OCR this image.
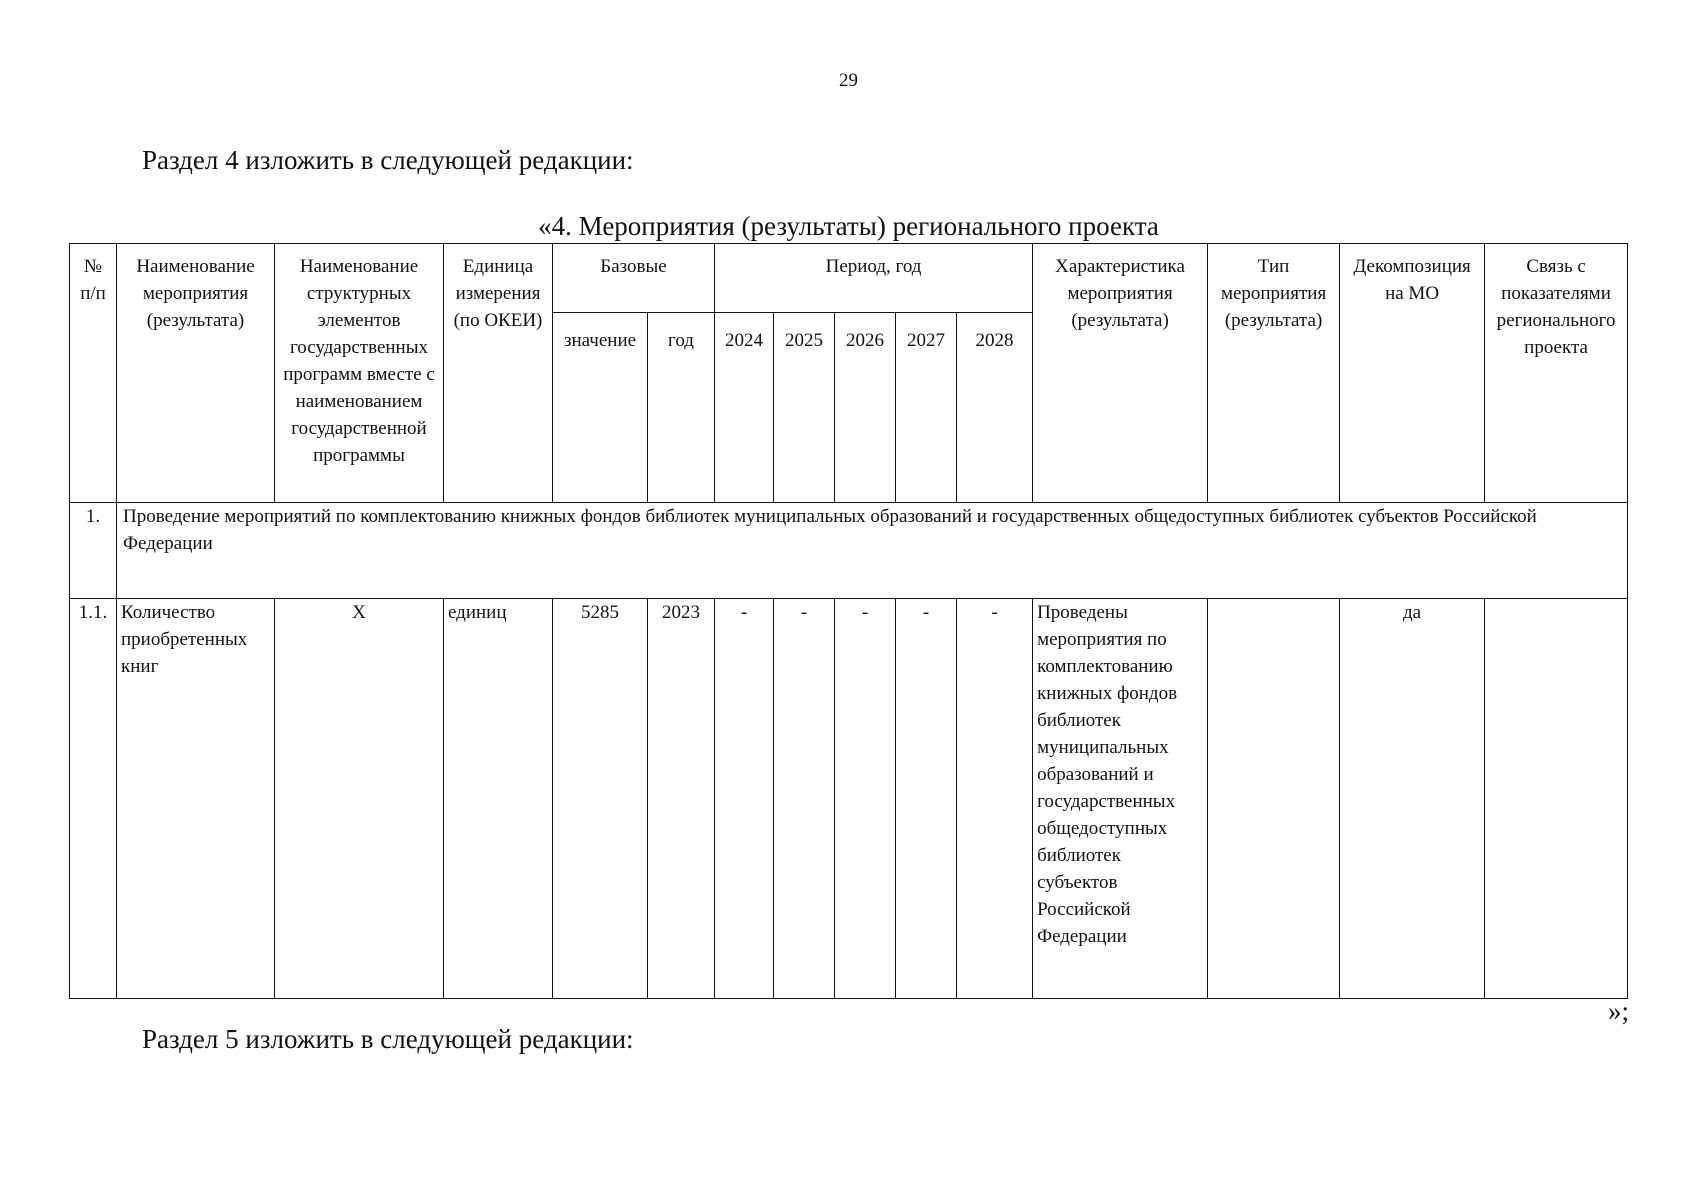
29
Раздел 4 изложить в следующей редакции:
«4. Мероприятия (результаты) регионального проекта
№ п/п	Наименование мероприятия (результата)	Наименование структурных элементов государственных программ вместе с наименованием государственной программы	Единица измерения (по ОКЕИ)	Базовые		Период, год					Характеристика мероприятия (результата)	Тип мероприятия (результата)	Декомпозиция на МО	Связь с показателями регионального проекта
				значение	год	2024	2025	2026	2027	2028				
1.	Проведение мероприятий по комплектованию книжных фондов библиотек муниципальных образований и государственных общедоступных библиотек субъектов Российской Федерации													
1.1.	Количество приобретенных книг	Х	единиц	5285	2023	-	-	-	-	-	Проведены мероприятия по комплектованию книжных фондов библиотек муниципальных образований и государственных общедоступных библиотек субъектов Российской Федерации		да	
»;
Раздел 5 изложить в следующей редакции:
